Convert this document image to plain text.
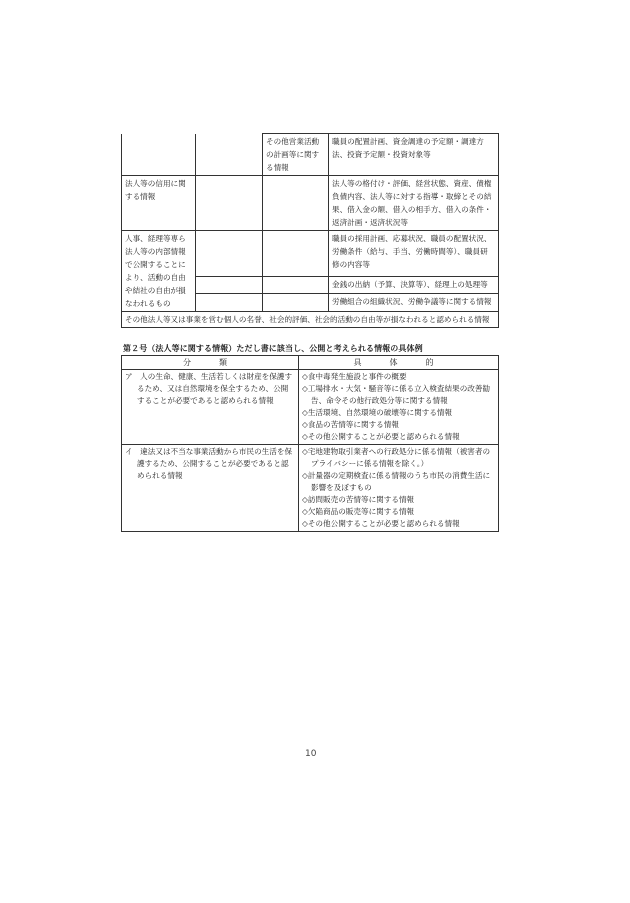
		その他営業活動の計画等に関する情報	職員の配置計画、資金調達の予定額・調達方法、投資予定額・投資対象等
法人等の信用に関する情報			法人等の格付け・評価、経営状態、資産、債権負債内容、法人等に対する指導・取締とその結果、借入金の額、借入の相手方、借入の条件・返済計画・返済状況等
人事、経理等専ら法人等の内部情報で公開することにより、活動の自由や結社の自由が損なわれるもの			職員の採用計画、応募状況、職員の配置状況、労働条件（給与、手当、労働時間等）、職員研修の内容等
			金銭の出納（予算、決算等）、経理上の処理等
			労働組合の組織状況、労働争議等に関する情報
その他法人等又は事業を営む個人の名誉、社会的評価、社会的活動の自由等が損なわれると認められる情報			
第２号（法人等に関する情報）ただし書に該当し、公開と考えられる情報の具体例
分　類	具　体　的

ア　人の生命、健康、生活若しくは財産を保護するため、又は自然環境を保全するため、公開することが必要であると認められる情報	◇食中毒発生施設と事件の概要
◇工場排水・大気・騒音等に係る立入検査結果の改善勧告、命令その他行政処分等に関する情報
◇生活環境、自然環境の破壊等に関する情報
◇食品の苦情等に関する情報
◇その他公開することが必要と認められる情報

イ　違法又は不当な事業活動から市民の生活を保護するため、公開することが必要であると認められる情報	◇宅地建物取引業者への行政処分に係る情報（被害者のプライバシーに係る情報を除く。）
◇計量器の定期検査に係る情報のうち市民の消費生活に影響を及ぼすもの
◇訪問販売の苦情等に関する情報
◇欠陥商品の販売等に関する情報
◇その他公開することが必要と認められる情報
10
